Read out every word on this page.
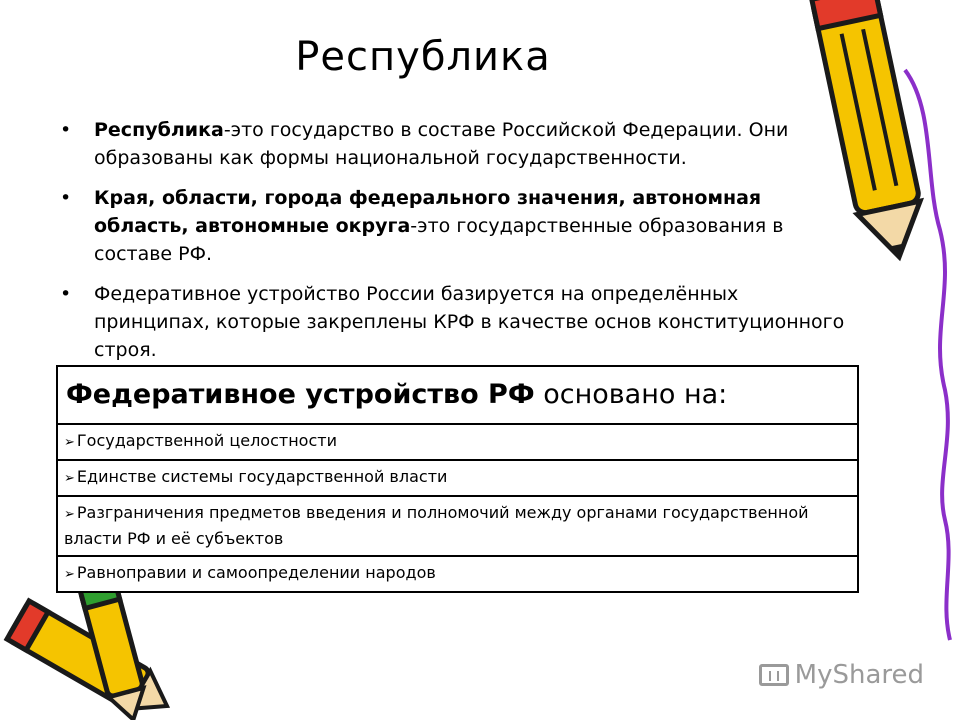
Республика
• Республика-это государство в составе Российской Федерации. Они образованы как формы национальной государственности.
• Края, области, города федерального значения, автономная область, автономные округа-это государственные образования в составе РФ.
• Федеративное устройство России базируется на определённых принципах, которые закреплены КРФ в качестве основ конституционного строя.
Федеративное устройство РФ основано на:
➢ Государственной целостности
➢ Единстве системы государственной власти
➢ Разграничения предметов введения и полномочий между органами государственной власти РФ и её субъектов
➢ Равноправии и самоопределении народов
MyShared
